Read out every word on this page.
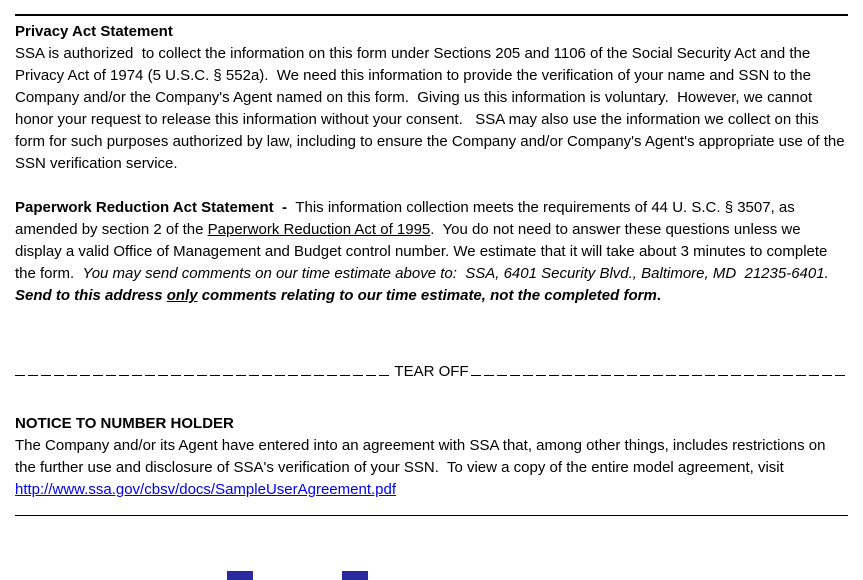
Privacy Act Statement

SSA is authorized  to collect the information on this form under Sections 205 and 1106 of the Social Security Act and the Privacy Act of 1974 (5 U.S.C. § 552a).  We need this information to provide the verification of your name and SSN to the Company and/or the Company's Agent named on this form.  Giving us this information is voluntary.  However, we cannot honor your request to release this information without your consent.   SSA may also use the information we collect on this form for such purposes authorized by law, including to ensure the Company and/or Company's Agent's appropriate use of the SSN verification service.

Paperwork Reduction Act Statement  -  This information collection meets the requirements of 44 U. S.C. § 3507, as amended by section 2 of the Paperwork Reduction Act of 1995.  You do not need to answer these questions unless we display a valid Office of Management and Budget control number. We estimate that it will take about 3 minutes to complete the form.  You may send comments on our time estimate above to:  SSA, 6401 Security Blvd., Baltimore, MD  21235-6401.  Send to this address only comments relating to our time estimate, not the completed form.

TEAR OFF
NOTICE TO NUMBER HOLDER

The Company and/or its Agent have entered into an agreement with SSA that, among other things, includes restrictions on the further use and disclosure of SSA's verification of your SSN.  To view a copy of the entire model agreement, visit http://www.ssa.gov/cbsv/docs/SampleUserAgreement.pdf
